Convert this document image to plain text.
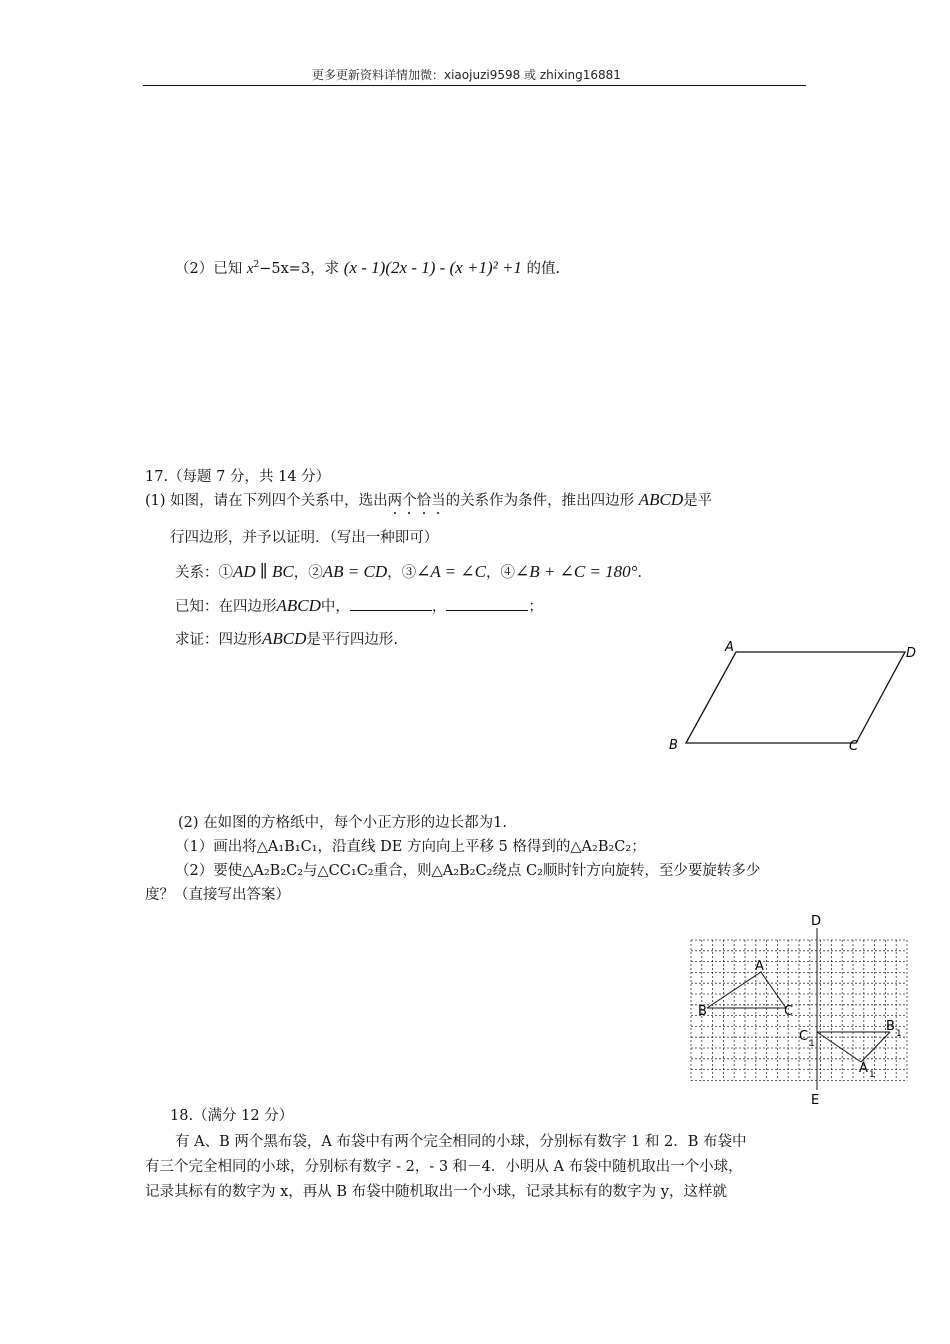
更多更新资料详情加微：xiaojuzi9598 或 zhixing16881
（2）已知 $x^2-5x=3$，求 (x - 1)(2x - 1) - (x +1)² +1 的值.
17.（每题 7 分，共 14 分）
(1) 如图，请在下列四个关系中，选出两个恰当的关系作为条件，推出四边形 ABCD是平
行四边形，并予以证明．（写出一种即可）
关系：①AD ∥ BC，②AB = CD，③∠A = ∠C，④∠B + ∠C = 180°．
已知：在四边形ABCD中，	，	；
求证：四边形ABCD是平行四边形.	A	D
B	C
(2) 在如图的方格纸中，每个小正方形的边长都为1.
（1）画出将△A₁B₁C₁，沿直线 DE 方向向上平移 5 格得到的△A₂B₂C₂；
（2）要使△A₂B₂C₂与△CC₁C₂重合，则△A₂B₂C₂绕点 C₂顺时针方向旋转，至少要旋转多少
度？（直接写出答案）
D
A
B	C
C 1
B 1
A 1
E
18.（满分 12 分）
有 A、B 两个黑布袋，A 布袋中有两个完全相同的小球，分别标有数字 1 和 2．B 布袋中
有三个完全相同的小球，分别标有数字 - 2，- 3 和－4．小明从 A 布袋中随机取出一个小球，
记录其标有的数字为 x，再从 B 布袋中随机取出一个小球，记录其标有的数字为 y，这样就
